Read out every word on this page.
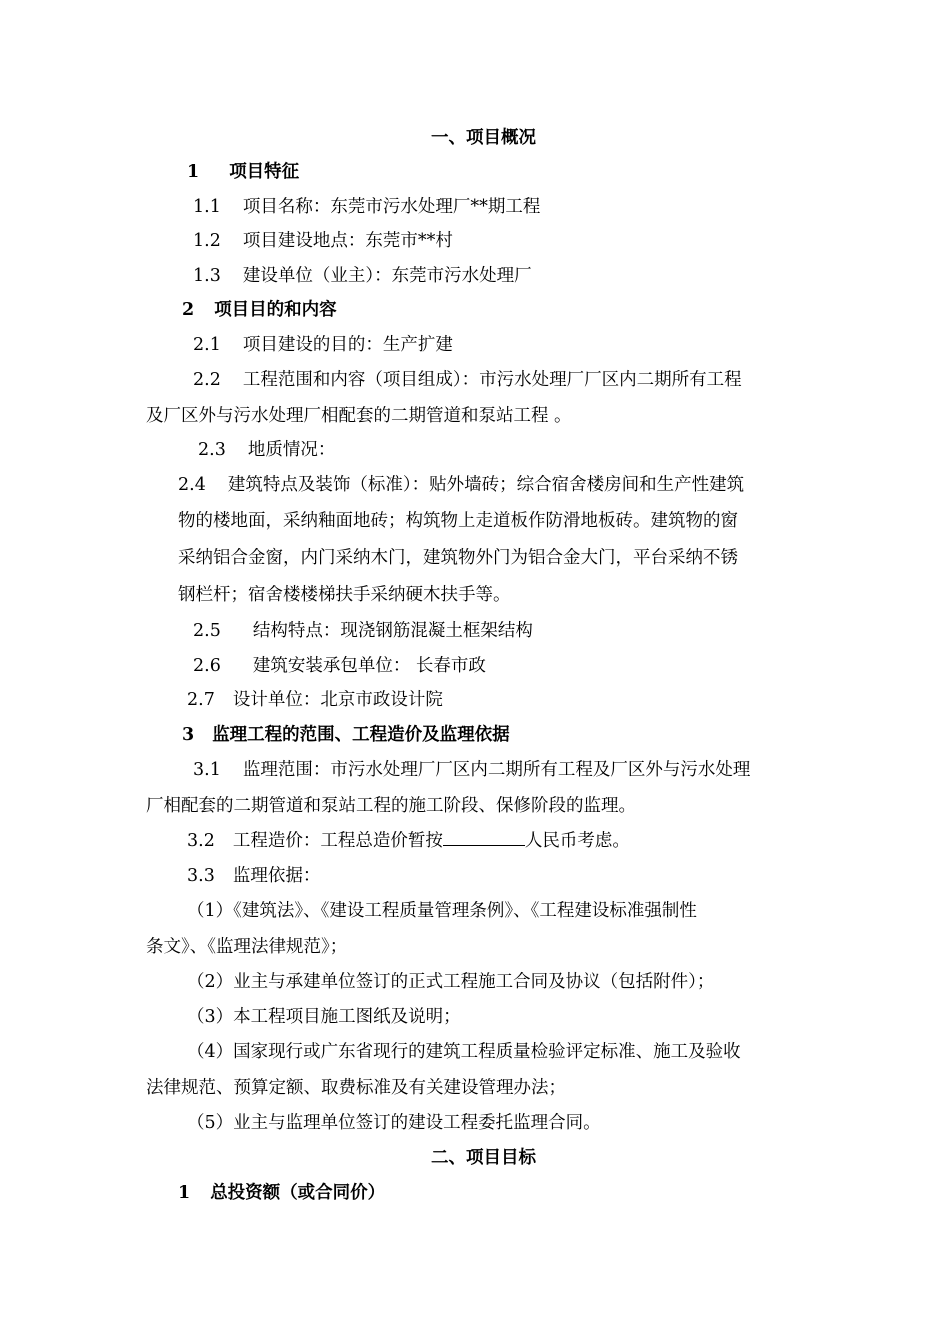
一、项目概况
1 项目特征
1.1 项目名称：东莞市污水处理厂**期工程
1.2 项目建设地点：东莞市**村
1.3 建设单位（业主）：东莞市污水处理厂
2 项目目的和内容
2.1 项目建设的目的：生产扩建
2.2 工程范围和内容（项目组成）：市污水处理厂厂区内二期所有工程
及厂区外与污水处理厂相配套的二期管道和泵站工程 。
2.3 地质情况：
2.4 建筑特点及装饰（标准）：贴外墙砖；综合宿舍楼房间和生产性建筑
物的楼地面，采纳釉面地砖；构筑物上走道板作防滑地板砖。建筑物的窗
采纳铝合金窗，内门采纳木门，建筑物外门为铝合金大门，平台采纳不锈
钢栏杆；宿舍楼楼梯扶手采纳硬木扶手等。
2.5 结构特点：现浇钢筋混凝土框架结构
2.6 建筑安装承包单位： 长春市政
2.7 设计单位：北京市政设计院
3 监理工程的范围、工程造价及监理依据
3.1 监理范围：市污水处理厂厂区内二期所有工程及厂区外与污水处理
厂相配套的二期管道和泵站工程的施工阶段、保修阶段的监理。
3.2 工程造价：工程总造价暂按	人民币考虑。
3.3 监理依据：
（1）《建筑法》、《建设工程质量管理条例》、《工程建设标准强制性
条文》、《监理法律规范》；
（2）业主与承建单位签订的正式工程施工合同及协议（包括附件）；
（3）本工程项目施工图纸及说明；
（4）国家现行或广东省现行的建筑工程质量检验评定标准、施工及验收
法律规范、预算定额、取费标准及有关建设管理办法；
（5）业主与监理单位签订的建设工程委托监理合同。
二、项目目标
1 总投资额（或合同价）
